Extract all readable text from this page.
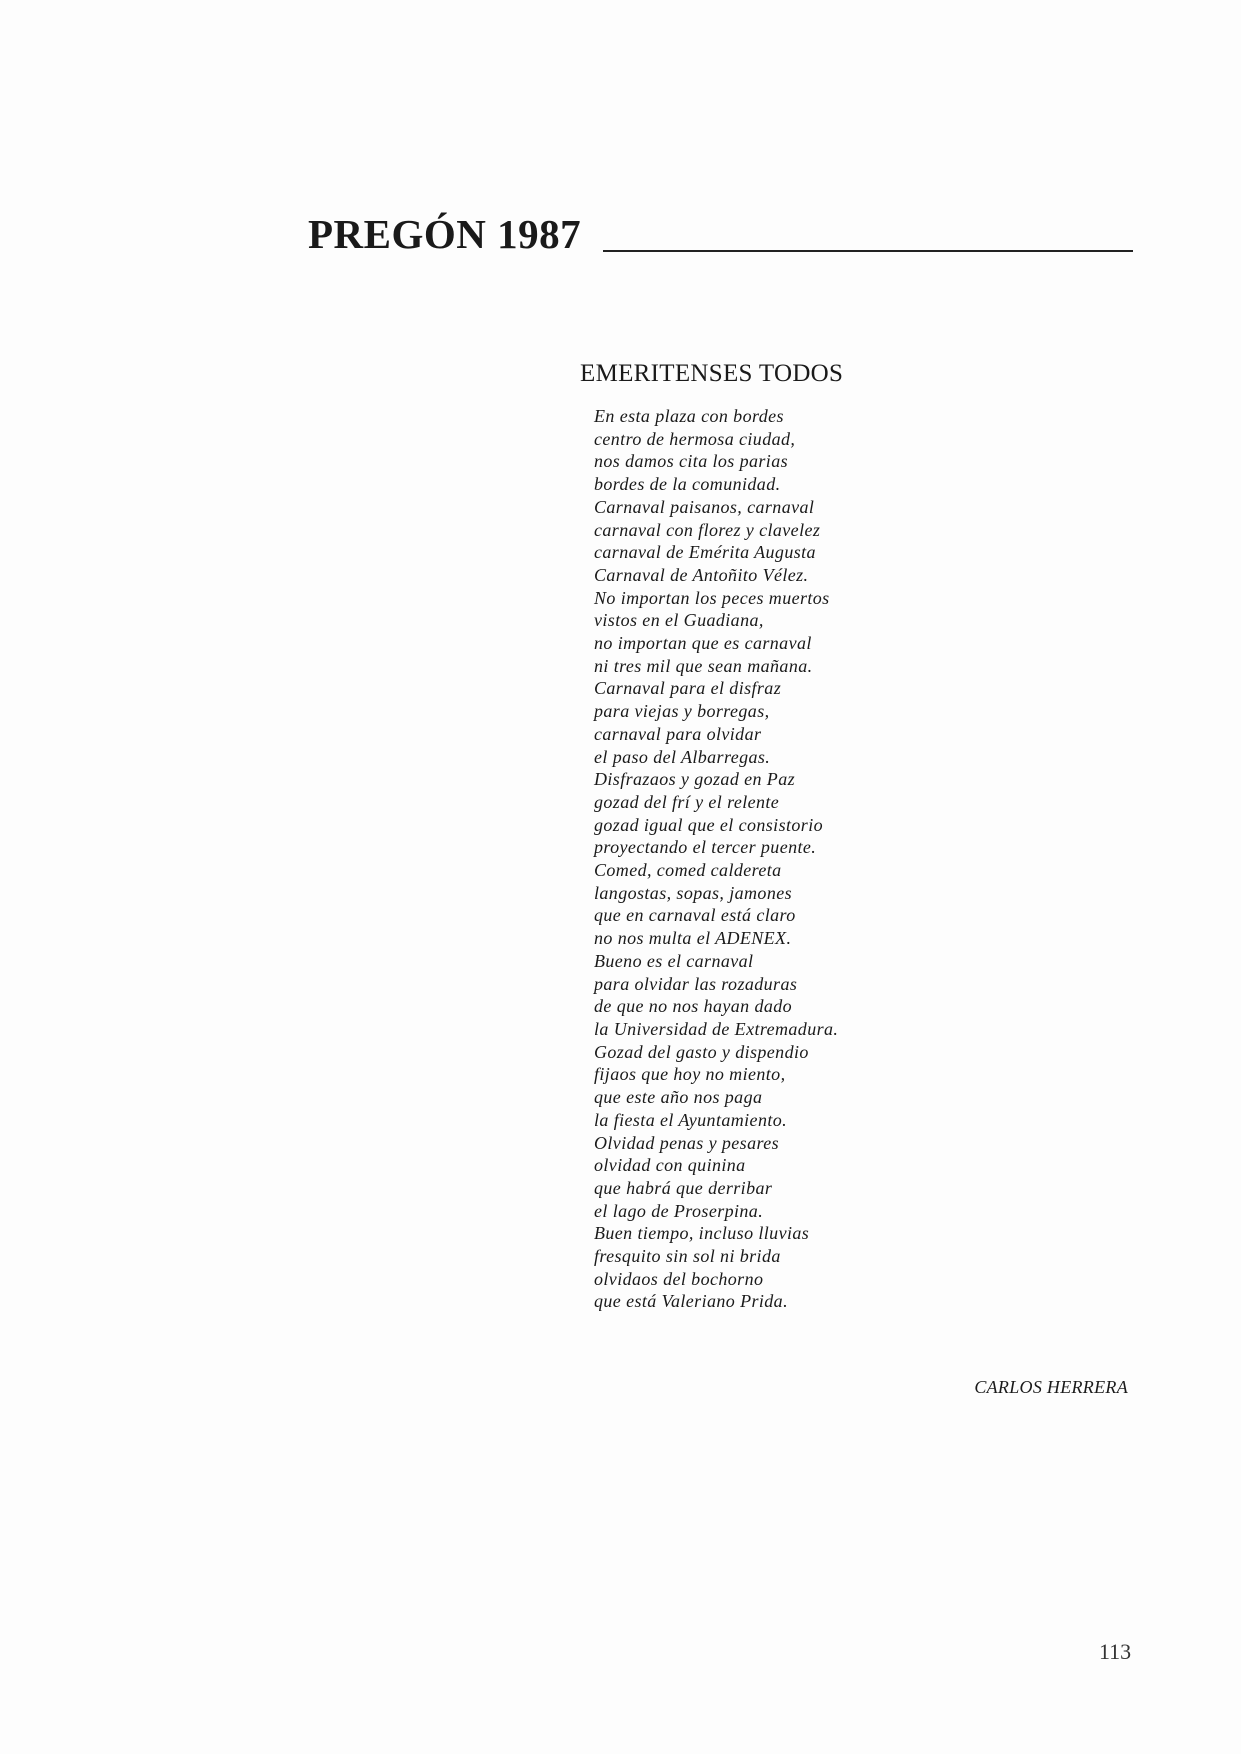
PREGÓN 1987
EMERITENSES TODOS
En esta plaza con bordes
centro de hermosa ciudad,
nos damos cita los parias
bordes de la comunidad.
Carnaval paisanos, carnaval
carnaval con florez y clavelez
carnaval de Emérita Augusta
Carnaval de Antoñito Vélez.
No importan los peces muertos
vistos en el Guadiana,
no importan que es carnaval
ni tres mil que sean mañana.
Carnaval para el disfraz
para viejas y borregas,
carnaval para olvidar
el paso del Albarregas.
Disfrazaos y gozad en Paz
gozad del frí y el relente
gozad igual que el consistorio
proyectando el tercer puente.
Comed, comed caldereta
langostas, sopas, jamones
que en carnaval está claro
no nos multa el ADENEX.
Bueno es el carnaval
para olvidar las rozaduras
de que no nos hayan dado
la Universidad de Extremadura.
Gozad del gasto y dispendio
fijaos que hoy no miento,
que este año nos paga
la fiesta el Ayuntamiento.
Olvidad penas y pesares
olvidad con quinina
que habrá que derribar
el lago de Proserpina.
Buen tiempo, incluso lluvias
fresquito sin sol ni brida
olvidaos del bochorno
que está Valeriano Prida.
CARLOS HERRERA
113
